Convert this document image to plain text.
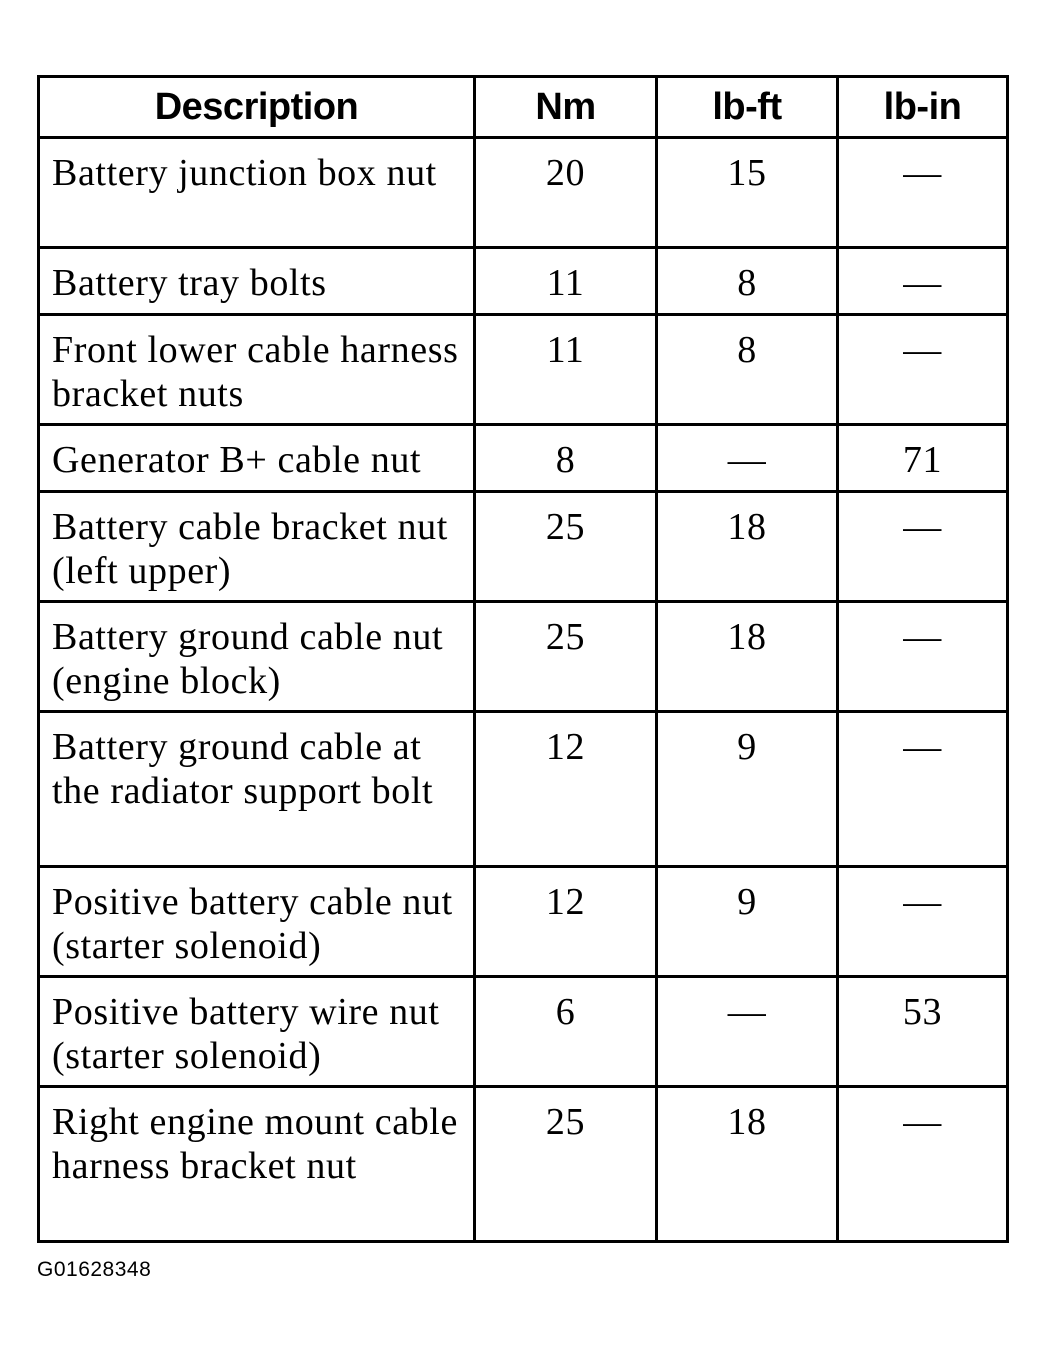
Description	Nm	lb-ft	lb-in
Battery junction box nut	20	15	—
Battery tray bolts	11	8	—
Front lower cable harness bracket nuts	11	8	—
Generator B+ cable nut	8	—	71
Battery cable bracket nut (left upper)	25	18	—
Battery ground cable nut (engine block)	25	18	—
Battery ground cable at the radiator support bolt	12	9	—
Positive battery cable nut (starter solenoid)	12	9	—
Positive battery wire nut (starter solenoid)	6	—	53
Right engine mount cable harness bracket nut	25	18	—
G01628348
